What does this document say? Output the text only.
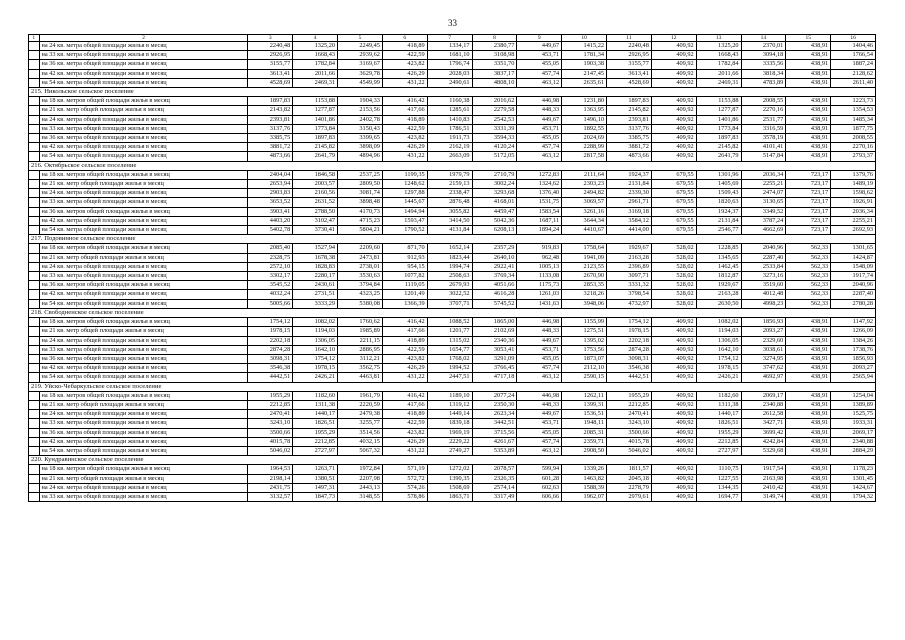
33
1	2	3	4	5	6	7	8	9	10	11	12	13	14	15	16
	на 24 кв. метра общей площади жилья в месяц	2240,48	1325,20	2249,45	418,89	1334,17	2380,77	449,67	1415,22	2240,48	409,92	1325,20	2370,01	438,91	1404,46
	на 33 кв. метра общей площади жилья в месяц	2926,95	1668,43	2939,62	422,59	1681,10	3108,98	453,71	1781,34	2926,95	409,92	1668,43	3094,18	438,91	1766,54
	на 36 кв. метра общей площади жилья в месяц	3155,77	1782,84	3169,67	423,82	1796,74	3351,70	455,05	1903,38	3155,77	409,92	1782,84	3335,56	438,91	1887,24
	на 42 кв. метра общей площади жилья в месяц	3613,41	2011,66	3629,78	426,29	2028,03	3837,17	457,74	2147,45	3613,41	409,92	2011,66	3818,34	438,91	2128,62
	на 54 кв. метра общей площади жилья в месяц	4528,69	2469,31	4549,99	431,22	2490,61	4808,10	463,12	2635,61	4528,69	409,92	2469,31	4783,89	438,91	2611,40
215. Никольское сельское поселение															
	на 18 кв. метров общей площади жилья в месяц	1897,83	1153,88	1904,33	416,42	1160,38	2016,62	446,98	1231,80	1897,83	409,92	1153,88	2008,55	438,91	1223,73
	на 21 кв. метр общей площади жилья в месяц	2143,82	1277,87	2153,56	417,66	1285,61	2279,58	448,33	1363,95	2145,82	409,92	1277,87	2270,16	438,91	1354,53
	на 24 кв. метра общей площади жилья в месяц	2393,81	1401,86	2402,78	418,89	1410,83	2542,53	449,67	1496,10	2393,81	409,92	1401,86	2531,77	438,91	1485,34
	на 33 кв. метра общей площади жилья в месяц	3137,76	1773,84	3150,43	422,59	1786,51	3331,39	453,71	1892,55	3137,76	409,92	1773,84	3316,59	438,91	1877,75
	на 36 кв. метра общей площади жилья в месяц	3385,75	1897,83	3399,65	423,82	1911,73	3594,33	455,05	2024,69	3385,75	409,92	1897,83	3578,19	438,91	2008,55
	на 42 кв. метра общей площади жилья в месяц	3881,72	2145,82	3898,09	426,29	2162,19	4120,24	457,74	2288,99	3881,72	409,92	2145,82	4101,41	438,91	2270,16
	на 54 кв. метра общей площади жилья в месяц	4873,66	2641,79	4894,96	431,22	2663,09	5172,05	463,12	2817,58	4873,66	409,92	2641,79	5147,84	438,91	2793,37
216. Октябрьское сельское поселение															
	на 18 кв. метров общей площади жилья в месяц	2404,04	1846,58	2537,25	1199,35	1979,79	2710,79	1272,83	2111,64	1924,37	679,55	1301,96	2036,34	723,17	1379,76
	на 21 кв. метр общей площади жилья в месяц	2653,94	2003,57	2809,50	1248,62	2159,13	3002,24	1324,62	2303,23	2131,84	679,55	1405,69	2255,21	723,17	1489,19
	на 24 кв. метра общей площади жилья в месяц	2903,83	2160,56	3081,74	1297,88	2338,47	3293,68	1376,40	2494,82	2339,30	679,55	1509,43	2474,07	723,17	1598,62
	на 33 кв. метра общей площади жилья в месяц	3653,52	2631,52	3898,48	1445,67	2876,48	4168,01	1531,75	3069,57	2961,71	679,55	1820,63	3130,65	723,17	1926,91
	на 36 кв. метров общей площади жилья в месяц	3903,41	2788,50	4170,73	1494,94	3055,82	4459,47	1583,54	3261,16	3169,18	679,55	1924,37	3349,52	723,17	2036,34
	на 42 кв. метра общей площади жилья в месяц	4403,20	3102,47	4715,23	1593,47	3414,50	5042,36	1687,11	3644,34	3584,12	679,55	2131,84	3787,24	723,17	2255,21
	на 54 кв. метра общей площади жилья в месяц	5402,78	3730,41	5804,21	1790,52	4131,84	6208,13	1894,24	4410,67	4414,00	679,55	2546,77	4662,69	723,17	2692,93
217. Подовинное сельское поселение															
	на 18 кв. метров общей площади жилья в месяц	2085,40	1527,94	2209,60	871,70	1652,14	2357,29	919,83	1758,64	1929,67	528,02	1228,85	2040,96	562,33	1301,65
	на 21 кв. метр общей площади жилья в месяц	2328,75	1678,38	2473,81	912,93	1823,44	2640,10	962,48	1941,09	2163,28	528,02	1345,65	2287,40	562,33	1424,87
	на 24 кв. метра общей площади жилья в месяц	2572,10	1828,83	2738,01	954,15	1994,74	2922,41	1005,13	2123,55	2396,89	528,02	1462,45	2533,84	562,33	1548,09
	на 33 кв. метра общей площади жилья в месяц	3302,17	2280,17	3530,63	1077,82	2508,63	3769,34	1133,08	2670,90	3097,71	528,02	1812,87	3273,16	562,33	1917,74
	на 36 кв. метров общей площади жилья в месяц	3545,52	2430,61	3794,84	1119,05	2679,93	4051,66	1175,73	2853,35	3331,32	528,02	1929,67	3519,60	562,33	2040,96
	на 42 кв. метра общей площади жилья в месяц	4032,24	2731,51	4323,25	1201,49	3022,52	4616,28	1261,03	3218,26	3798,54	528,02	2163,28	4012,48	562,33	2287,40
	на 54 кв. метра общей площади жилья в месяц	5005,66	3333,29	5380,08	1366,39	3707,71	5745,52	1431,63	3948,06	4732,97	528,02	2630,50	4998,23	562,33	2780,28
218. Свободненское сельское поселение															
	на 18 кв. метров общей площади жилья в месяц	1754,12	1082,02	1760,62	416,42	1088,52	1865,00	446,98	1155,99	1754,12	409,92	1082,02	1856,93	438,91	1147,92
	на 21 кв. метр общей площади жилья в месяц	1978,15	1194,03	1985,89	417,66	1201,77	2102,69	448,33	1275,51	1978,15	409,92	1194,03	2093,27	438,91	1266,09
	на 24 кв. метра общей площади жилья в месяц	2202,18	1306,05	2211,15	418,89	1315,02	2340,36	449,67	1395,02	2202,18	409,92	1306,05	2329,60	438,91	1384,26
	на 33 кв. метра общей площади жилья в месяц	2874,28	1642,10	2886,95	422,59	1654,77	3053,41	453,71	1753,56	2874,28	409,92	1642,10	3038,61	438,91	1738,76
	на 36 кв. метра общей площади жилья в месяц	3098,31	1754,12	3112,21	423,82	1768,02	3291,09	455,05	1873,07	3098,31	409,92	1754,12	3274,95	438,91	1856,93
	на 42 кв. метра общей площади жилья в месяц	3546,38	1978,15	3562,75	426,29	1994,52	3766,45	457,74	2112,10	3546,38	409,92	1978,15	3747,62	438,91	2093,27
	на 54 кв. метра общей площади жилья в месяц	4442,51	2426,21	4463,81	431,22	2447,51	4717,18	463,12	2590,15	4442,51	409,92	2426,21	4692,97	438,91	2565,94
219. Уйско-Чебаркульское сельское поселение															
	на 18 кв. метров общей площади жилья в месяц	1955,29	1182,60	1961,79	416,42	1189,10	2077,24	446,98	1262,11	1955,29	409,92	1182,60	2069,17	438,91	1254,04
	на 21 кв. метр общей площади жилья в месяц	2212,85	1311,38	2220,59	417,66	1319,12	2350,30	448,33	1399,31	2212,85	409,92	1311,38	2340,88	438,91	1389,89
	на 24 кв. метра общей площади жилья в месяц	2470,41	1440,17	2479,38	418,89	1449,14	2623,34	449,67	1536,51	2470,41	409,92	1440,17	2612,58	438,91	1525,75
	на 33 кв. метра общей площади жилья в месяц	3243,10	1826,51	3255,77	422,59	1839,18	3442,51	453,71	1948,11	3243,10	409,92	1826,51	3427,71	438,91	1933,31
	на 36 кв. метра общей площади жилья в месяц	3500,66	1955,29	3514,56	423,82	1969,19	3715,56	455,05	2085,31	3500,66	409,92	1955,29	3699,42	438,91	2069,17
	на 42 кв. метра общей площади жилья в месяц	4015,78	2212,85	4032,15	426,29	2229,22	4261,67	457,74	2359,71	4015,78	409,92	2212,85	4242,84	438,91	2340,88
	на 54 кв. метра общей площади жилья в месяц	5046,02	2727,97	5067,32	431,22	2749,27	5353,89	463,12	2908,50	5046,02	409,92	2727,97	5329,68	438,91	2884,29
220. Кундравинское сельское поселение															
	на 18 кв. метров общей площади жилья в месяц	1964,53	1263,71	1972,84	571,19	1272,02	2078,57	599,94	1339,26	1811,57	409,92	1110,75	1917,54	438,91	1178,23
	на 21 кв. метр общей площади жилья в месяц	2198,14	1380,51	2207,98	572,72	1390,35	2326,35	601,28	1463,82	2045,18	409,92	1227,55	2163,98	438,91	1301,45
	на 24 кв. метра общей площади жилья в месяц	2431,75	1497,31	2443,13	574,26	1508,69	2574,14	602,63	1588,39	2278,79	409,92	1344,35	2410,42	438,91	1424,67
	на 33 кв. метра общей площади жилья в месяц	3132,57	1847,73	3148,55	578,86	1863,71	3317,49	606,66	1962,07	2979,61	409,92	1694,77	3149,74	438,91	1794,32
